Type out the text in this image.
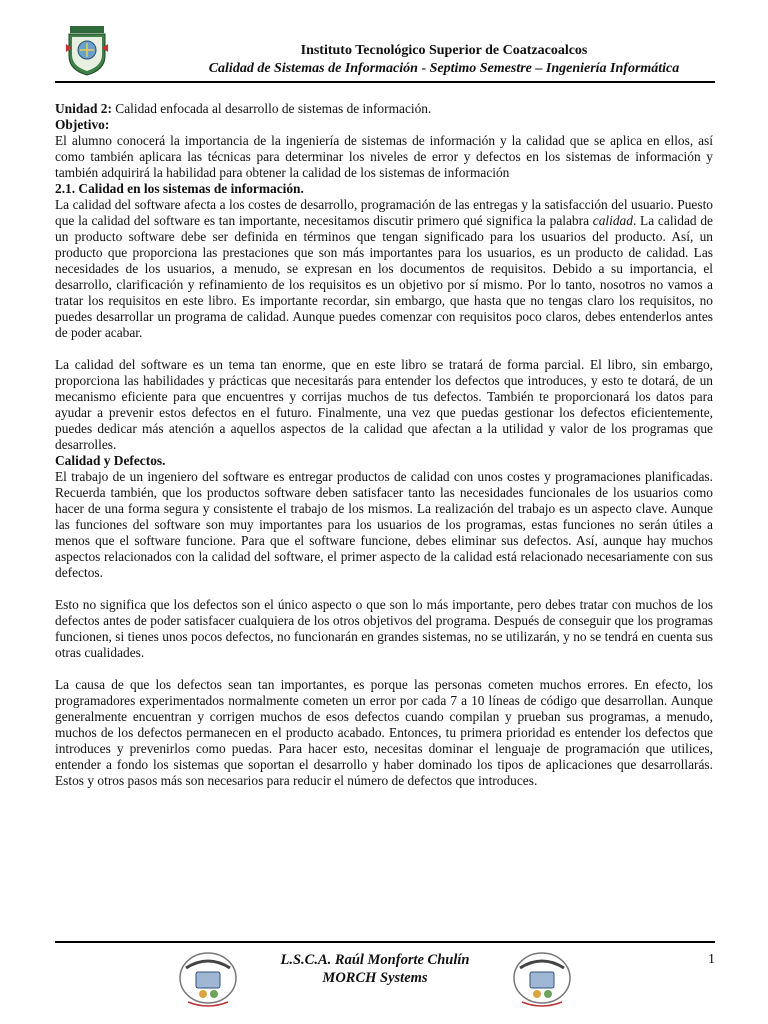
Instituto Tecnológico Superior de Coatzacoalcos

Calidad de Sistemas de Información - Septimo Semestre – Ingeniería Informática

Unidad 2: Calidad enfocada al desarrollo de sistemas de información.

Objetivo:

El alumno conocerá la importancia de la ingeniería de sistemas de información y la calidad que se aplica en ellos, así como también aplicara las técnicas para determinar los niveles de error y defectos en los sistemas de información y también adquirirá la habilidad para obtener la calidad de los sistemas de información

2.1. Calidad en los sistemas de información.

La calidad del software afecta a los costes de desarrollo, programación de las entregas y la satisfacción del usuario. Puesto que la calidad del software es tan importante, necesitamos discutir primero qué significa la palabra calidad. La calidad de un producto software debe ser definida en términos que tengan significado para los usuarios del producto. Así, un producto que proporciona las prestaciones que son más importantes para los usuarios, es un producto de calidad. Las necesidades de los usuarios, a menudo, se expresan en los documentos de requisitos. Debido a su importancia, el desarrollo, clarificación y refinamiento de los requisitos es un objetivo por sí mismo. Por lo tanto, nosotros no vamos a tratar los requisitos en este libro. Es importante recordar, sin embargo, que hasta que no tengas claro los requisitos, no puedes desarrollar un programa de calidad. Aunque puedes comenzar con requisitos poco claros, debes entenderlos antes de poder acabar.

La calidad del software es un tema tan enorme, que en este libro se tratará de forma parcial. El libro, sin embargo, proporciona las habilidades y prácticas que necesitarás para entender los defectos que introduces, y esto te dotará, de un mecanismo eficiente para que encuentres y corrijas muchos de tus defectos. También te proporcionará los datos para ayudar a prevenir estos defectos en el futuro. Finalmente, una vez que puedas gestionar los defectos eficientemente, puedes dedicar más atención a aquellos aspectos de la calidad que afectan a la utilidad y valor de los programas que desarrolles.

Calidad y Defectos.

El trabajo de un ingeniero del software es entregar productos de calidad con unos costes y programaciones planificadas. Recuerda también, que los productos software deben satisfacer tanto las necesidades funcionales de los usuarios como hacer de una forma segura y consistente el trabajo de los mismos. La realización del trabajo es un aspecto clave. Aunque las funciones del software son muy importantes para los usuarios de los programas, estas funciones no serán útiles a menos que el software funcione. Para que el software funcione, debes eliminar sus defectos. Así, aunque hay muchos aspectos relacionados con la calidad del software, el primer aspecto de la calidad está relacionado necesariamente con sus defectos.

Esto no significa que los defectos son el único aspecto o que son lo más importante, pero debes tratar con muchos de los defectos antes de poder satisfacer cualquiera de los otros objetivos del programa. Después de conseguir que los programas funcionen, si tienes unos pocos defectos, no funcionarán en grandes sistemas, no se utilizarán, y no se tendrá en cuenta sus otras cualidades.

La causa de que los defectos sean tan importantes, es porque las personas cometen muchos errores. En efecto, los programadores experimentados normalmente cometen un error por cada 7 a 10 líneas de código que desarrollan. Aunque generalmente encuentran y corrigen muchos de esos defectos cuando compilan y prueban sus programas, a menudo, muchos de los defectos permanecen en el producto acabado. Entonces, tu primera prioridad es entender los defectos que introduces y prevenirlos como puedas. Para hacer esto, necesitas dominar el lenguaje de programación que utilices, entender a fondo los sistemas que soportan el desarrollo y haber dominado los tipos de aplicaciones que desarrollarás. Estos y otros pasos más son necesarios para reducir el número de defectos que introduces.

L.S.C.A. Raúl Monforte Chulín

MORCH Systems

1
